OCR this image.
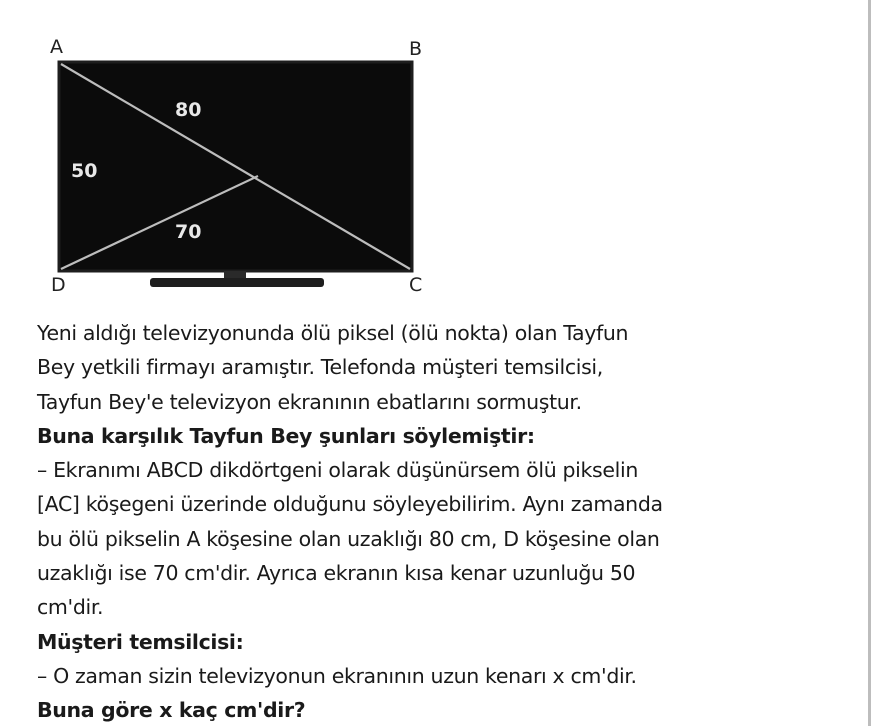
A	B
D	C
80
50
70
Yeni aldığı televizyonunda ölü piksel (ölü nokta) olan Tayfun
Bey yetkili firmayı aramıştır. Telefonda müşteri temsilcisi,
Tayfun Bey'e televizyon ekranının ebatlarını sormuştur.
Buna karşılık Tayfun Bey şunları söylemiştir:
– Ekranımı ABCD dikdörtgeni olarak düşünürsem ölü pikselin
[AC] köşegeni üzerinde olduğunu söyleyebilirim. Aynı zamanda
bu ölü pikselin A köşesine olan uzaklığı 80 cm, D köşesine olan
uzaklığı ise 70 cm'dir. Ayrıca ekranın kısa kenar uzunluğu 50
cm'dir.
Müşteri temsilcisi:
– O zaman sizin televizyonun ekranının uzun kenarı x cm'dir.
Buna göre x kaç cm'dir?
